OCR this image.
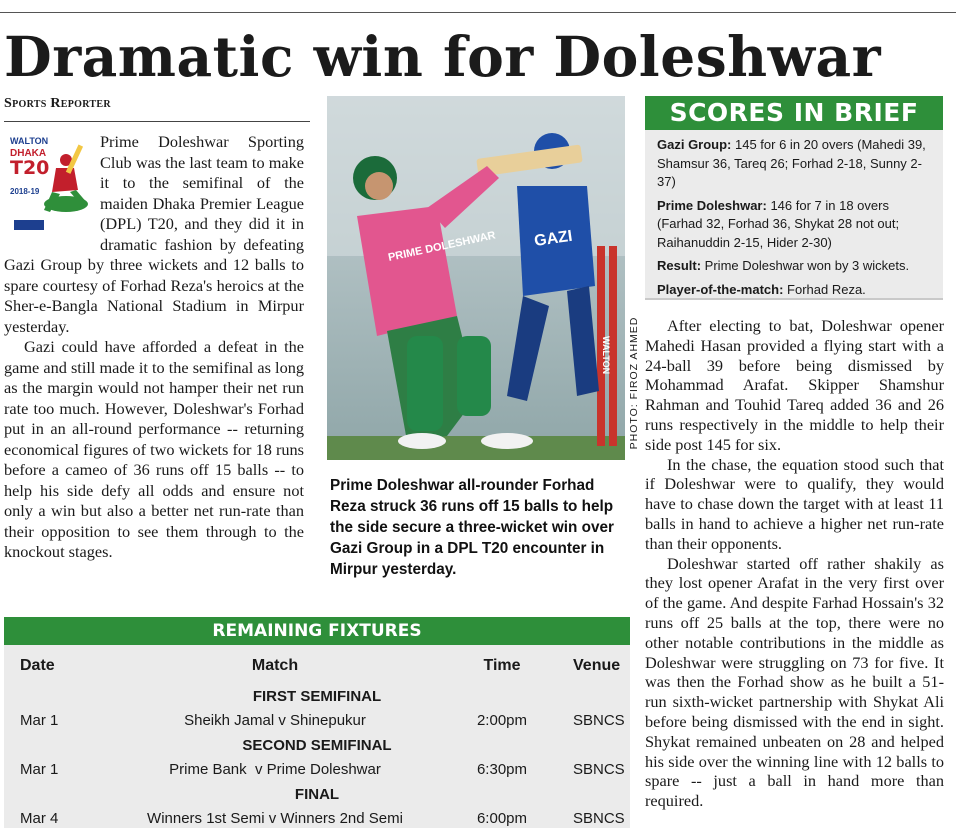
Dramatic win for Doleshwar
Sports Reporter
WALTON
DHAKA
T20
2018-19

Prime Doleshwar Sporting Club was the last team to make it to the semifinal of the maiden Dhaka Premier League (DPL) T20, and they did it in dramatic fashion by defeating Gazi Group by three wickets and 12 balls to spare courtesy of Forhad Reza's heroics at the Sher-e-Bangla National Stadium in Mirpur yesterday.

Gazi could have afforded a defeat in the game and still made it to the semifinal as long as the margin would not hamper their net run rate too much. However, Doleshwar's Forhad put in an all-round performance -- returning economical figures of two wickets for 18 runs before a cameo of 36 runs off 15 balls -- to help his side defy all odds and ensure not only a win but also a better net run-rate than their opposition to see them through to the knockout stages.

WALTON
GAZI
PRIME DOLESHWAR
PHOTO: FIROZ AHMED
Prime Doleshwar all-rounder Forhad Reza struck 36 runs off 15 balls to help the side secure a three-wicket win over Gazi Group in a DPL T20 encounter in Mirpur yesterday.
SCORES IN BRIEF

Gazi Group: 145 for 6 in 20 overs (Mahedi 39, Shamsur 36, Tareq 26; Forhad 2-18, Sunny 2-37)

Prime Doleshwar: 146 for 7 in 18 overs (Farhad 32, Forhad 36, Shykat 28 not out; Raihanuddin 2-15, Hider 2-30)

Result: Prime Doleshwar won by 3 wickets.

Player-of-the-match: Forhad Reza.

After electing to bat, Doleshwar opener Mahedi Hasan provided a flying start with a 24-ball 39 before being dismissed by Mohammad Arafat. Skipper Shamshur Rahman and Touhid Tareq added 36 and 26 runs respectively in the middle to help their side post 145 for six.

In the chase, the equation stood such that if Doleshwar were to qualify, they would have to chase down the target with at least 11 balls in hand to achieve a higher net run-rate than their opponents.

Doleshwar started off rather shakily as they lost opener Arafat in the very first over of the game. And despite Farhad Hossain's 32 runs off 25 balls at the top, there were no other notable contributions in the middle as Doleshwar were struggling on 73 for five. It was then the Forhad show as he built a 51-run sixth-wicket partnership with Shykat Ali before being dismissed with the end in sight. Shykat remained unbeaten on 28 and helped his side over the winning line with 12 balls to spare -- just a ball in hand more than required.

REMAINING FIXTURES
Date	Match	Time	Venue
FIRST SEMIFINAL			
Mar 1	Sheikh Jamal v Shinepukur	2:00pm	SBNCS
SECOND SEMIFINAL			
Mar 1	Prime Bank  v Prime Doleshwar	6:30pm	SBNCS
FINAL			
Mar 4	Winners 1st Semi v Winners 2nd Semi	6:00pm	SBNCS
